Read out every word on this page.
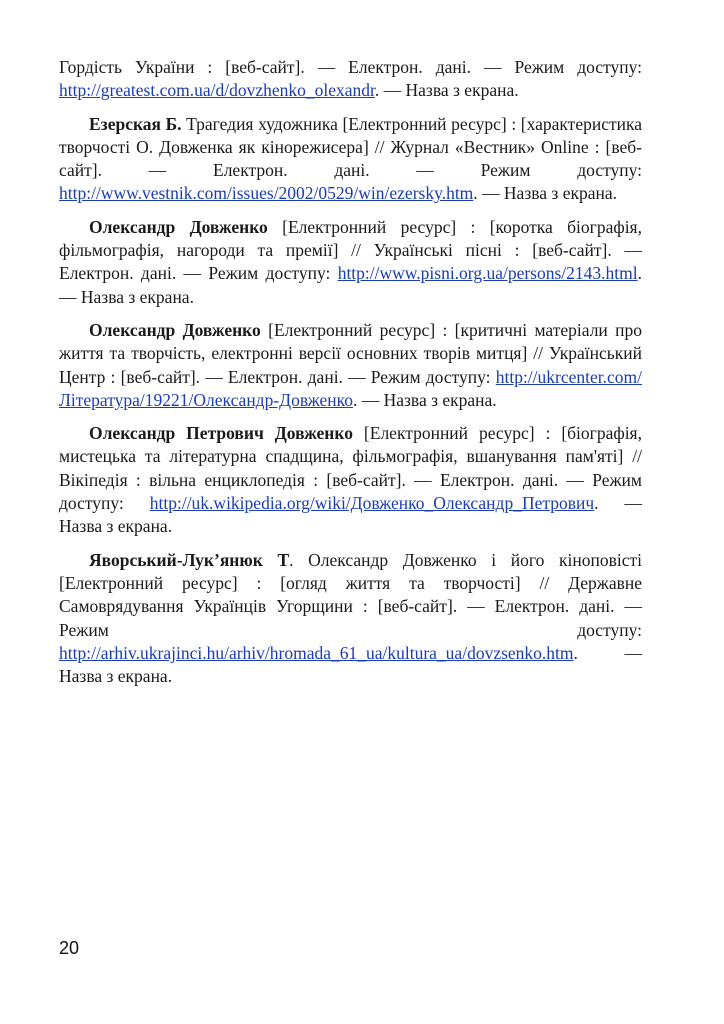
Гордість України : [веб-сайт]. — Електрон. дані. — Режим доступу: http://greatest.com.ua/d/dovzhenko_olexandr. — Назва з екрана.

Езерская Б. Трагедия художника [Електронний ресурс] : [характеристика творчості О. Довженка як кінорежисера] // Журнал «Вестник» Online : [веб-сайт]. — Електрон. дані. — Режим доступу: http://www.vestnik.com/issues/2002/0529/win/ezersky.htm. — Назва з екрана.

Олександр Довженко [Електронний ресурс] : [коротка біографія, фільмографія, нагороди та премії] // Українські пісні : [веб-сайт]. — Електрон. дані. — Режим доступу: http://www.pisni.org.ua/persons/2143.html. — Назва з екрана.

Олександр Довженко [Електронний ресурс] : [критичні матеріали про життя та творчість, електронні версії основних творів митця] // Український Центр : [веб-сайт]. — Електрон. дані. — Режим доступу: http://ukrcenter.com/Література/19221/Олександр-Довженко. — Назва з екрана.

Олександр Петрович Довженко [Електронний ресурс] : [біографія, мистецька та літературна спадщина, фільмографія, вшанування пам'яті] // Вікіпедія : вільна енциклопедія : [веб-сайт]. — Електрон. дані. — Режим доступу: http://uk.wikipedia.org/wiki/Довженко_Олександр_Петрович. — Назва з екрана.

Яворський-Лук’янюк Т. Олександр Довженко і його кіноповісті [Електронний ресурс] : [огляд життя та творчості] // Державне Самоврядування Українців Угорщини : [веб-сайт]. — Електрон. дані. — Режим доступу: http://arhiv.ukrajinci.hu/arhiv/hromada_61_ua/kultura_ua/dovzsenko.htm. — Назва з екрана.

20
